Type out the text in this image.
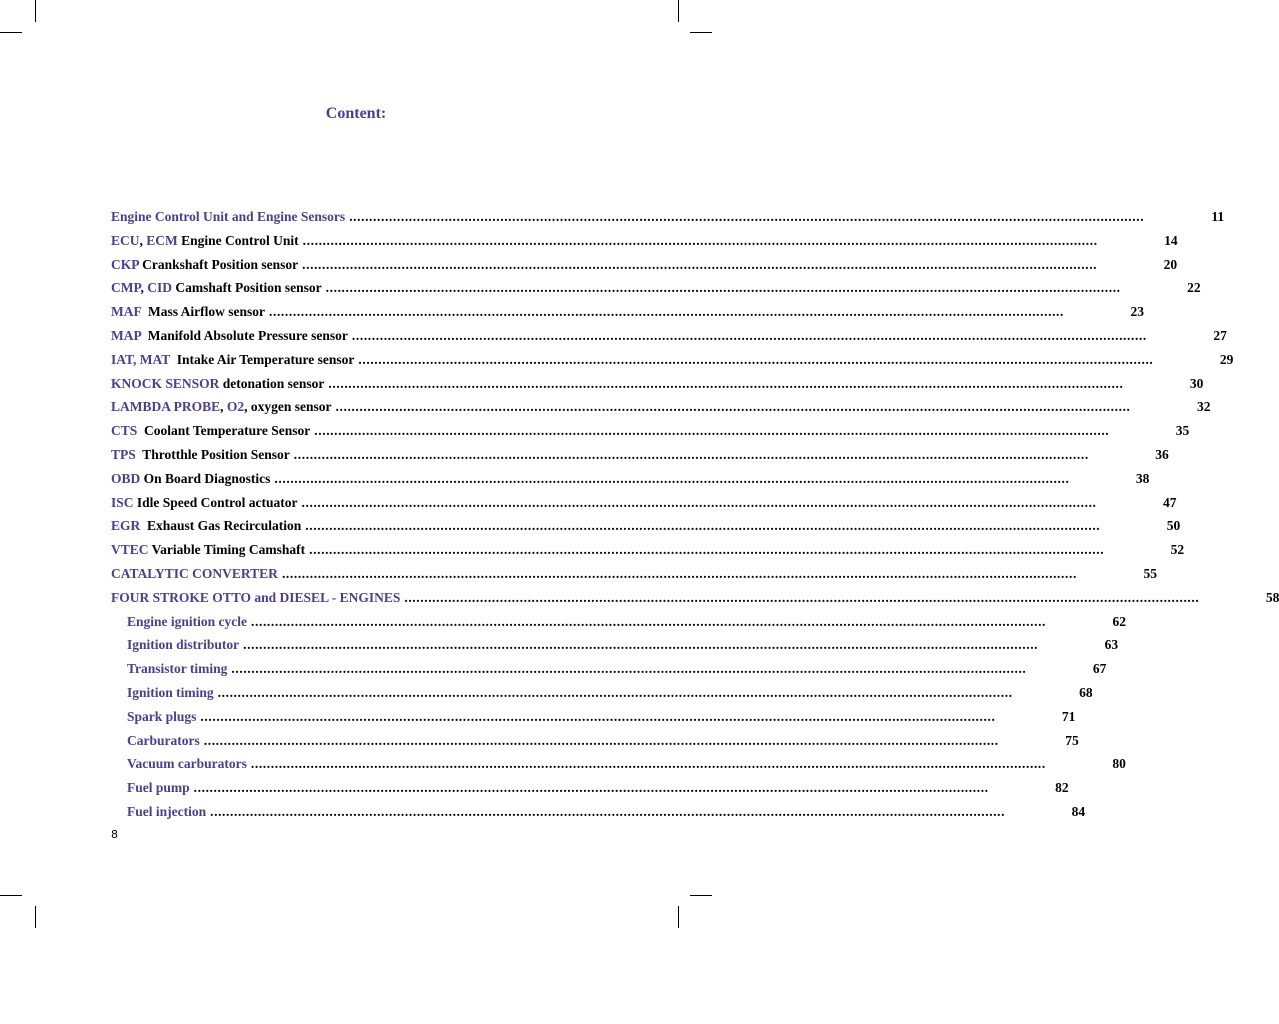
Content:
Engine Control Unit and Engine Sensors ........................................................................................................................................................................................................	11
ECU, ECM Engine Control Unit ........................................................................................................................................................................................................	14
CKP Crankshaft Position sensor ........................................................................................................................................................................................................	20
CMP, CID Camshaft Position sensor ........................................................................................................................................................................................................	22
MAF  Mass Airflow sensor ........................................................................................................................................................................................................	23
MAP  Manifold Absolute Pressure sensor ........................................................................................................................................................................................................	27
IAT, MAT  Intake Air Temperature sensor ........................................................................................................................................................................................................	29
KNOCK SENSOR detonation sensor ........................................................................................................................................................................................................	30
LAMBDA PROBE, O2, oxygen sensor ........................................................................................................................................................................................................	32
CTS  Coolant Temperature Sensor ........................................................................................................................................................................................................	35
TPS  Throtthle Position Sensor ........................................................................................................................................................................................................	36
OBD On Board Diagnostics ........................................................................................................................................................................................................	38
ISC Idle Speed Control actuator ........................................................................................................................................................................................................	47
EGR  Exhaust Gas Recirculation ........................................................................................................................................................................................................	50
VTEC Variable Timing Camshaft ........................................................................................................................................................................................................	52
CATALYTIC CONVERTER ........................................................................................................................................................................................................	55
FOUR STROKE OTTO and DIESEL - ENGINES ........................................................................................................................................................................................................	58
Engine ignition cycle ........................................................................................................................................................................................................	62
Ignition distributor ........................................................................................................................................................................................................	63
Transistor timing ........................................................................................................................................................................................................	67
Ignition timing ........................................................................................................................................................................................................	68
Spark plugs ........................................................................................................................................................................................................	71
Carburators ........................................................................................................................................................................................................	75
Vacuum carburators ........................................................................................................................................................................................................	80
Fuel pump ........................................................................................................................................................................................................	82
Fuel injection ........................................................................................................................................................................................................	84
8
